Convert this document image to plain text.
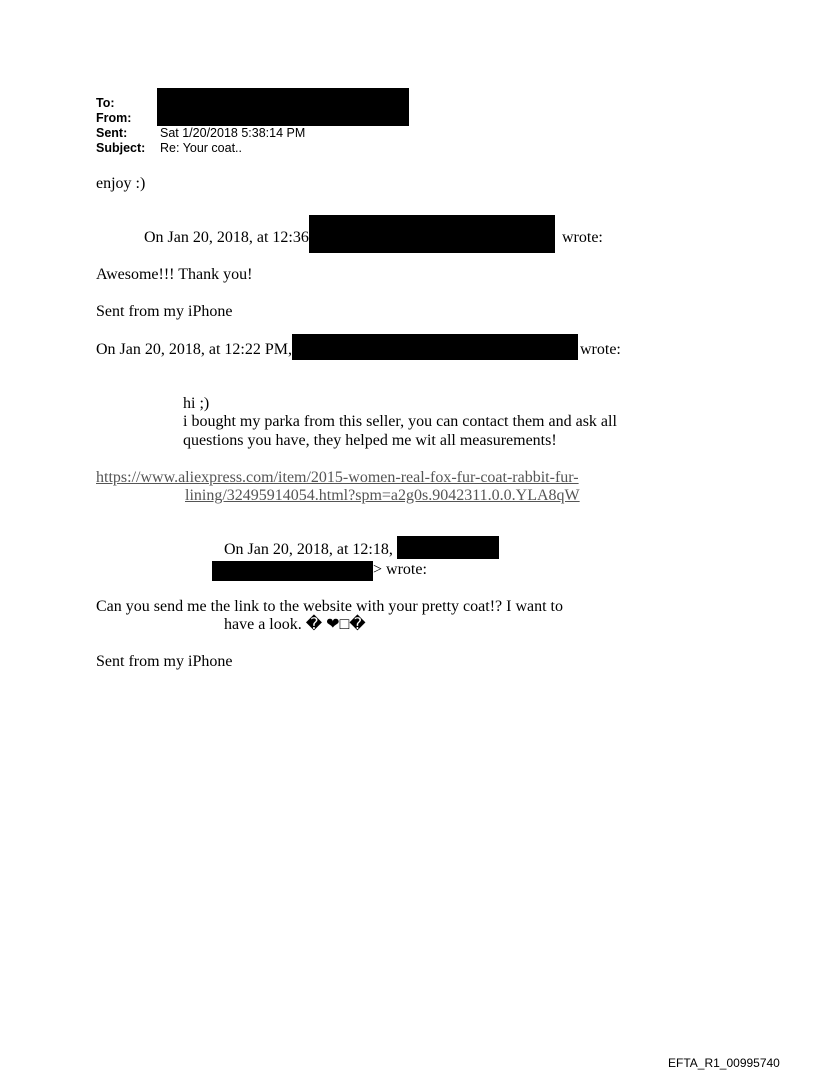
To:
From:
Sent:
Subject:
Sat 1/20/2018 5:38:14 PM
Re: Your coat..
enjoy :)
On Jan 20, 2018, at 12:36	wrote:
Awesome!!! Thank you!
Sent from my iPhone
On Jan 20, 2018, at 12:22 PM,	wrote:
hi ;)
i bought my parka from this seller, you can contact them and ask all
questions you have, they helped me wit all measurements!
https://www.aliexpress.com/item/2015-women-real-fox-fur-coat-rabbit-fur-
lining/32495914054.html?spm=a2g0s.9042311.0.0.YLA8qW
On Jan 20, 2018, at 12:18,
> wrote:
Can you send me the link to the website with your pretty coat!? I want to
have a look. � ❤□�
Sent from my iPhone
EFTA_R1_00995740
